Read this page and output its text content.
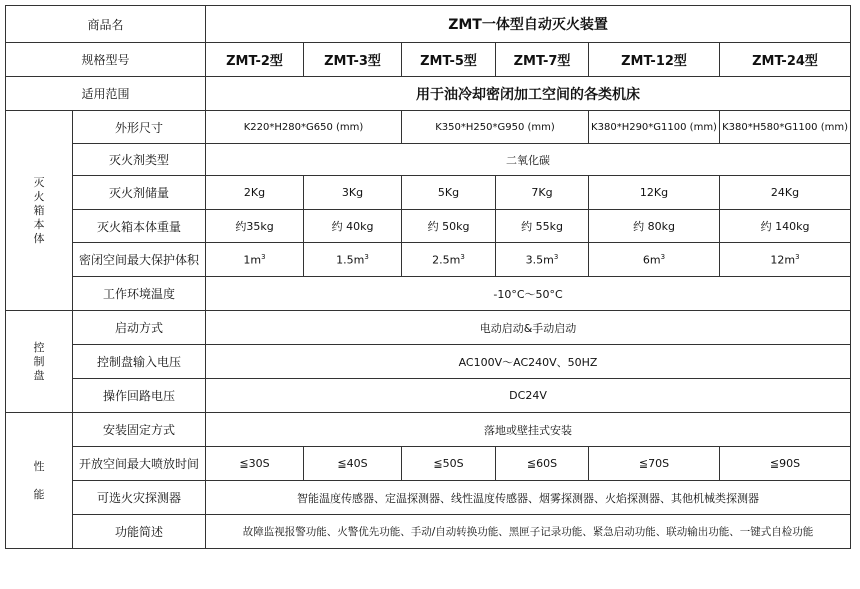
商品名		ZMT一体型自动灭火装置					
规格型号		ZMT-2型	ZMT-3型	ZMT-5型	ZMT-7型	ZMT-12型	ZMT-24型
适用范围		用于油冷却密闭加工空间的各类机床					

灭
火
箱
本
体	外形尺寸	K220*H280*G650 (mm)		K350*H250*G950 (mm)		K380*H290*G1100 (mm)	K380*H580*G1100 (mm)
	灭火剂类型	二氧化碳					
	灭火剂储量	2Kg	3Kg	5Kg	7Kg	12Kg	24Kg
	灭火箱本体重量	约35kg	约 40kg	约 50kg	约 55kg	约 80kg	约 140kg
	密闭空间最大保护体积	$1m^3$	$1.5m^3$	$2.5m^3$	$3.5m^3$	$6m^3$	$12m^3$
	工作环境温度	-10°C～50°C					

控
制
盘	启动方式	电动启动&手动启动					
	控制盘输入电压	AC100V～AC240V、50HZ					
	操作回路电压	DC24V					

性
能	安装固定方式	落地或壁挂式安装					
	开放空间最大喷放时间	≦30S	≦40S	≦50S	≦60S	≦70S	≦90S
	可选火灾探测器	智能温度传感器、定温探测器、线性温度传感器、烟雾探测器、火焰探测器、其他机械类探测器					
	功能简述	故障监视报警功能、火警优先功能、手动/自动转换功能、黑匣子记录功能、紧急启动功能、联动输出功能、一键式自检功能					
